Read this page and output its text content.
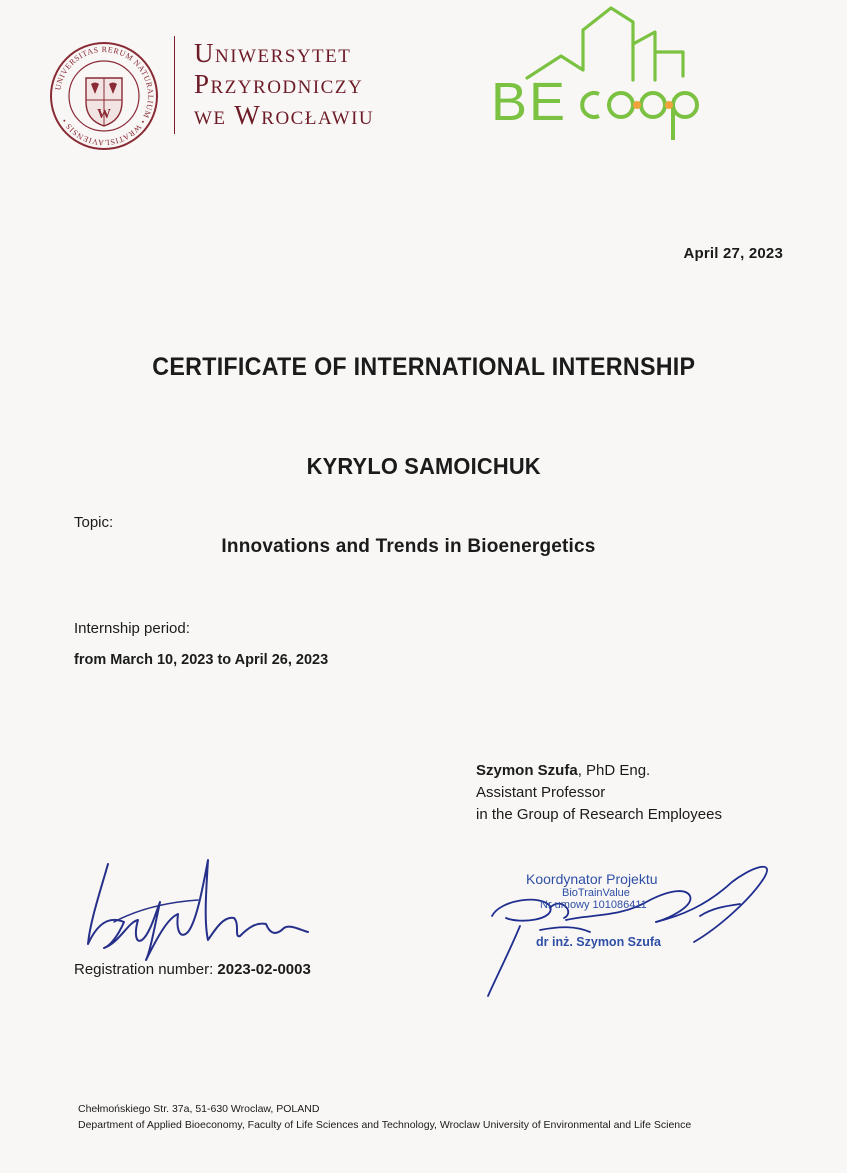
UNIVERSITAS RERUM NATURALIUM • WRATISLAVIENSIS •	W
Uniwersytet
Przyrodniczy
we Wrocławiu BE
April 27, 2023
CERTIFICATE OF INTERNATIONAL INTERNSHIP
KYRYLO SAMOICHUK
Topic:
Innovations and Trends in Bioenergetics
Internship period:
from March 10, 2023 to April 26, 2023
Szymon Szufa, PhD Eng.
Assistant Professor
in the Group of Research Employees
Registration number: 2023-02-0003
Koordynator Projektu
BioTrainValue
Nr umowy 101086411
dr inż. Szymon Szufa
Chełmońskiego Str. 37a, 51-630 Wroclaw, POLAND
Department of Applied Bioeconomy, Faculty of Life Sciences and Technology, Wroclaw University of Environmental and Life Science
